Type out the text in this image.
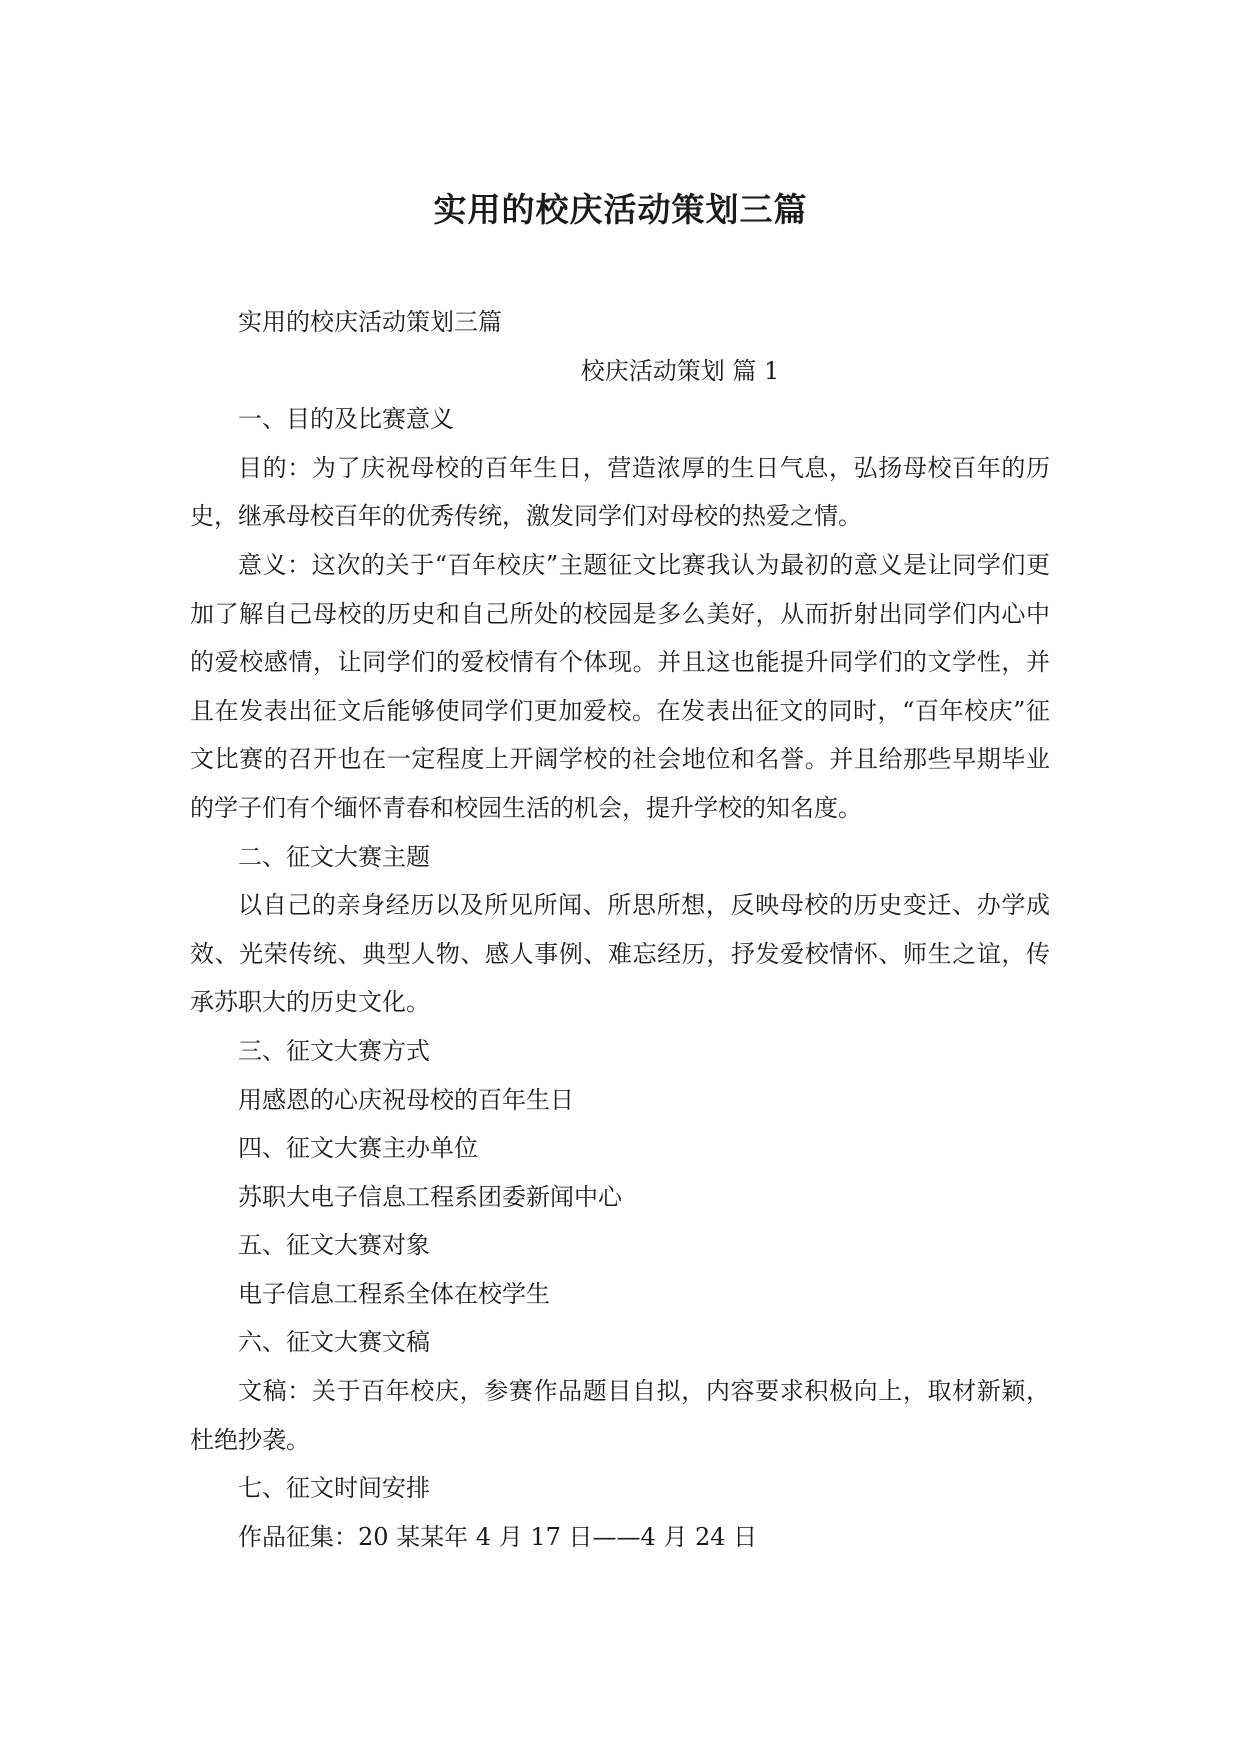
实用的校庆活动策划三篇

实用的校庆活动策划三篇

校庆活动策划 篇 1

一、目的及比赛意义

目的：为了庆祝母校的百年生日，营造浓厚的生日气息，弘扬母校百年的历史，继承母校百年的优秀传统，激发同学们对母校的热爱之情。

意义：这次的关于“百年校庆”主题征文比赛我认为最初的意义是让同学们更加了解自己母校的历史和自己所处的校园是多么美好，从而折射出同学们内心中的爱校感情，让同学们的爱校情有个体现。并且这也能提升同学们的文学性，并且在发表出征文后能够使同学们更加爱校。在发表出征文的同时，“百年校庆”征文比赛的召开也在一定程度上开阔学校的社会地位和名誉。并且给那些早期毕业的学子们有个缅怀青春和校园生活的机会，提升学校的知名度。

二、征文大赛主题

以自己的亲身经历以及所见所闻、所思所想，反映母校的历史变迁、办学成效、光荣传统、典型人物、感人事例、难忘经历，抒发爱校情怀、师生之谊，传承苏职大的历史文化。

三、征文大赛方式

用感恩的心庆祝母校的百年生日

四、征文大赛主办单位

苏职大电子信息工程系团委新闻中心

五、征文大赛对象

电子信息工程系全体在校学生

六、征文大赛文稿

文稿：关于百年校庆，参赛作品题目自拟，内容要求积极向上，取材新颖，杜绝抄袭。

七、征文时间安排

作品征集：20 某某年 4 月 17 日——4 月 24 日
